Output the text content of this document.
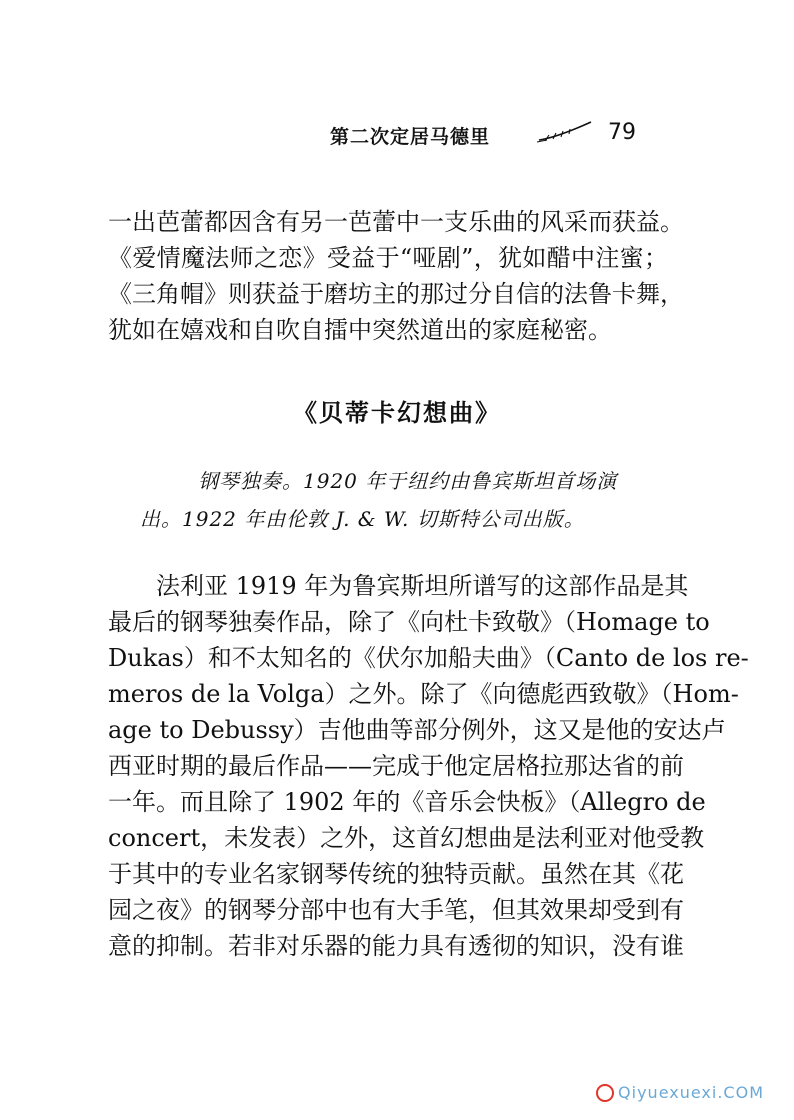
第二次定居马德里	79
一出芭蕾都因含有另一芭蕾中一支乐曲的风采而获益。
《爱情魔法师之恋》受益于“哑剧”，犹如醋中注蜜；
《三角帽》则获益于磨坊主的那过分自信的法鲁卡舞，
犹如在嬉戏和自吹自擂中突然道出的家庭秘密。
《贝蒂卡幻想曲》
钢琴独奏。1920 年于纽约由鲁宾斯坦首场演
出。1922 年由伦敦 J. & W. 切斯特公司出版。
法利亚 1919 年为鲁宾斯坦所谱写的这部作品是其
最后的钢琴独奏作品，除了《向杜卡致敬》（Homage to
Dukas）和不太知名的《伏尔加船夫曲》（Canto de los re-
meros de la Volga）之外。除了《向德彪西致敬》（Hom-
age to Debussy）吉他曲等部分例外，这又是他的安达卢
西亚时期的最后作品——完成于他定居格拉那达省的前
一年。而且除了 1902 年的《音乐会快板》（Allegro de
concert，未发表）之外，这首幻想曲是法利亚对他受教
于其中的专业名家钢琴传统的独特贡献。虽然在其《花
园之夜》的钢琴分部中也有大手笔，但其效果却受到有
意的抑制。若非对乐器的能力具有透彻的知识，没有谁
Qiyuexuexi.COM
